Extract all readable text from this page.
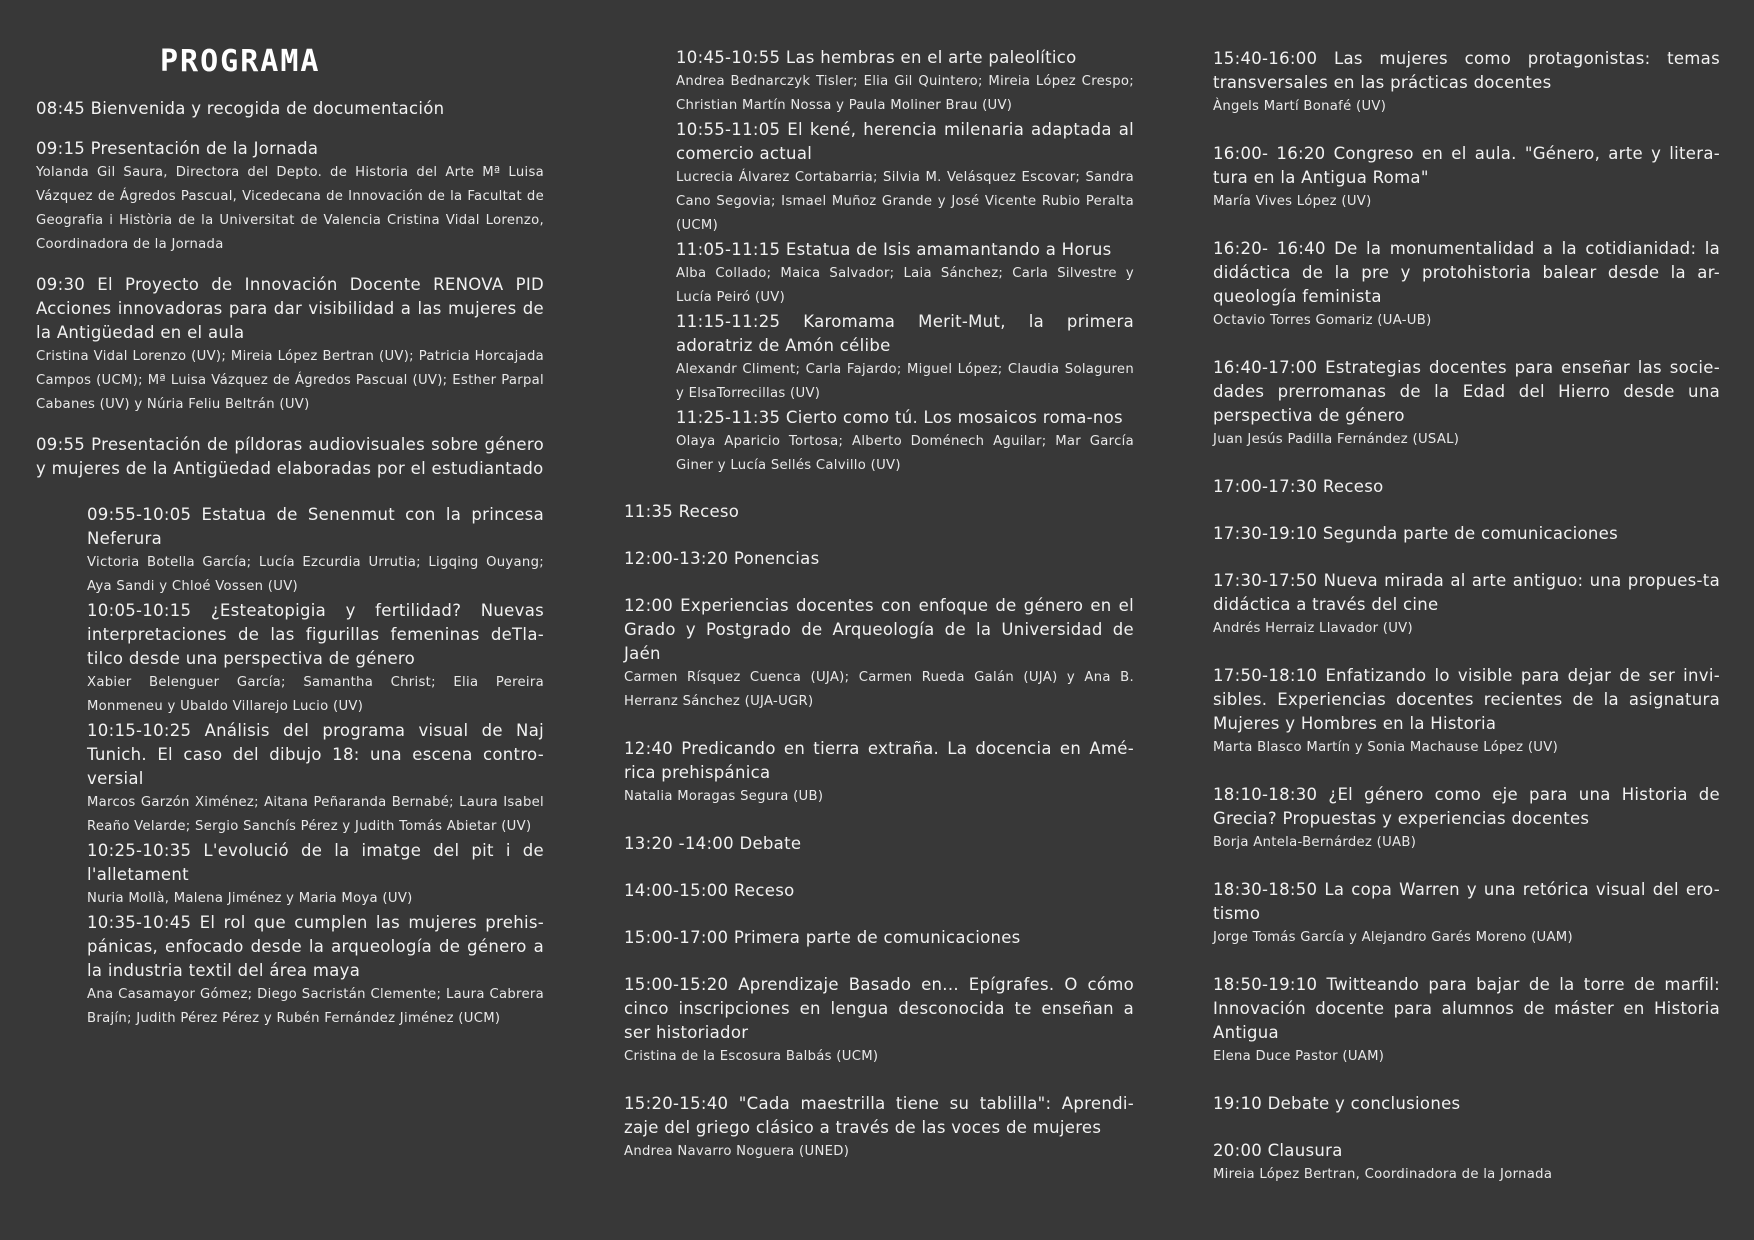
PROGRAMA

08:45 Bienvenida y recogida de documentación

09:15 Presentación de la Jornada

Yolanda Gil Saura, Directora del Depto. de Historia del Arte Mª Luisa Vázquez de Ágredos Pascual, Vicedecana de Innovación de la Facultat de Geografia i Història de la Universitat de Valencia Cristina Vidal Lorenzo, Coordinadora de la Jornada

09:30 El Proyecto de Innovación Docente RENOVA PID Acciones innovadoras para dar visibilidad a las mujeres de la Antigüedad en el aula

Cristina Vidal Lorenzo (UV); Mireia López Bertran (UV); Patricia Horcajada Campos (UCM); Mª Luisa Vázquez de Ágredos Pascual (UV); Esther Parpal Cabanes (UV) y Núria Feliu Beltrán (UV)

09:55 Presentación de píldoras audiovisuales sobre género y mujeres de la Antigüedad elaboradas por el estudiantado

09:55-10:05 Estatua de Senenmut con la princesa Neferura

Victoria Botella García; Lucía Ezcurdia Urrutia; Ligqing Ouyang; Aya Sandi y Chloé Vossen (UV)

10:05-10:15 ¿Esteatopigia y fertilidad? Nuevas interpretaciones de las figurillas femeninas deTla-tilco desde una perspectiva de género

Xabier Belenguer García; Samantha Christ; Elia Pereira Monmeneu y Ubaldo Villarejo Lucio (UV)

10:15-10:25 Análisis del programa visual de Naj Tunich. El caso del dibujo 18: una escena contro-versial

Marcos Garzón Ximénez; Aitana Peñaranda Bernabé; Laura Isabel Reaño Velarde; Sergio Sanchís Pérez y Judith Tomás Abietar (UV)

10:25-10:35 L'evolució de la imatge del pit i de l'alletament

Nuria Mollà, Malena Jiménez y Maria Moya (UV)

10:35-10:45 El rol que cumplen las mujeres prehis-pánicas, enfocado desde la arqueología de género a la industria textil del área maya

Ana Casamayor Gómez; Diego Sacristán Clemente; Laura Cabrera Brajín; Judith Pérez Pérez y Rubén Fernández Jiménez (UCM)

10:45-10:55 Las hembras en el arte paleolítico

Andrea Bednarczyk Tisler; Elia Gil Quintero; Mireia López Crespo; Christian Martín Nossa y Paula Moliner Brau (UV)

10:55-11:05 El kené, herencia milenaria adaptada al comercio actual

Lucrecia Álvarez Cortabarria; Silvia M. Velásquez Escovar; Sandra Cano Segovia; Ismael Muñoz Grande y José Vicente Rubio Peralta (UCM)

11:05-11:15 Estatua de Isis amamantando a Horus

Alba Collado; Maica Salvador; Laia Sánchez; Carla Silvestre y Lucía Peiró (UV)

11:15-11:25 Karomama Merit-Mut, la primera adoratriz de Amón célibe

Alexandr Climent; Carla Fajardo; Miguel López; Claudia Solaguren y ElsaTorrecillas (UV)

11:25-11:35 Cierto como tú. Los mosaicos roma-nos

Olaya Aparicio Tortosa; Alberto Doménech Aguilar; Mar García Giner y Lucía Sellés Calvillo (UV)

11:35 Receso

12:00-13:20 Ponencias

12:00 Experiencias docentes con enfoque de género en el Grado y Postgrado de Arqueología de la Universidad de Jaén

Carmen Rísquez Cuenca (UJA); Carmen Rueda Galán (UJA) y Ana B. Herranz Sánchez (UJA-UGR)

12:40 Predicando en tierra extraña. La docencia en Amé-rica prehispánica

Natalia Moragas Segura (UB)

13:20 -14:00 Debate

14:00-15:00 Receso

15:00-17:00 Primera parte de comunicaciones

15:00-15:20 Aprendizaje Basado en... Epígrafes. O cómo cinco inscripciones en lengua desconocida te enseñan a ser historiador

Cristina de la Escosura Balbás (UCM)

15:20-15:40 "Cada maestrilla tiene su tablilla": Aprendi-zaje del griego clásico a través de las voces de mujeres

Andrea Navarro Noguera (UNED)

15:40-16:00 Las mujeres como protagonistas: temas transversales en las prácticas docentes

Àngels Martí Bonafé (UV)

16:00- 16:20 Congreso en el aula. "Género, arte y litera-tura en la Antigua Roma"

María Vives López (UV)

16:20- 16:40 De la monumentalidad a la cotidianidad: la didáctica de la pre y protohistoria balear desde la ar-queología feminista

Octavio Torres Gomariz (UA-UB)

16:40-17:00 Estrategias docentes para enseñar las socie-dades prerromanas de la Edad del Hierro desde una perspectiva de género

Juan Jesús Padilla Fernández (USAL)

17:00-17:30 Receso

17:30-19:10 Segunda parte de comunicaciones

17:30-17:50 Nueva mirada al arte antiguo: una propues-ta didáctica a través del cine

Andrés Herraiz Llavador (UV)

17:50-18:10 Enfatizando lo visible para dejar de ser invi-sibles. Experiencias docentes recientes de la asignatura Mujeres y Hombres en la Historia

Marta Blasco Martín y Sonia Machause López (UV)

18:10-18:30 ¿El género como eje para una Historia de Grecia? Propuestas y experiencias docentes

Borja Antela-Bernárdez (UAB)

18:30-18:50 La copa Warren y una retórica visual del ero-tismo

Jorge Tomás García y Alejandro Garés Moreno (UAM)

18:50-19:10 Twitteando para bajar de la torre de marfil: Innovación docente para alumnos de máster en Historia Antigua

Elena Duce Pastor (UAM)

19:10 Debate y conclusiones

20:00 Clausura

Mireia López Bertran, Coordinadora de la Jornada
